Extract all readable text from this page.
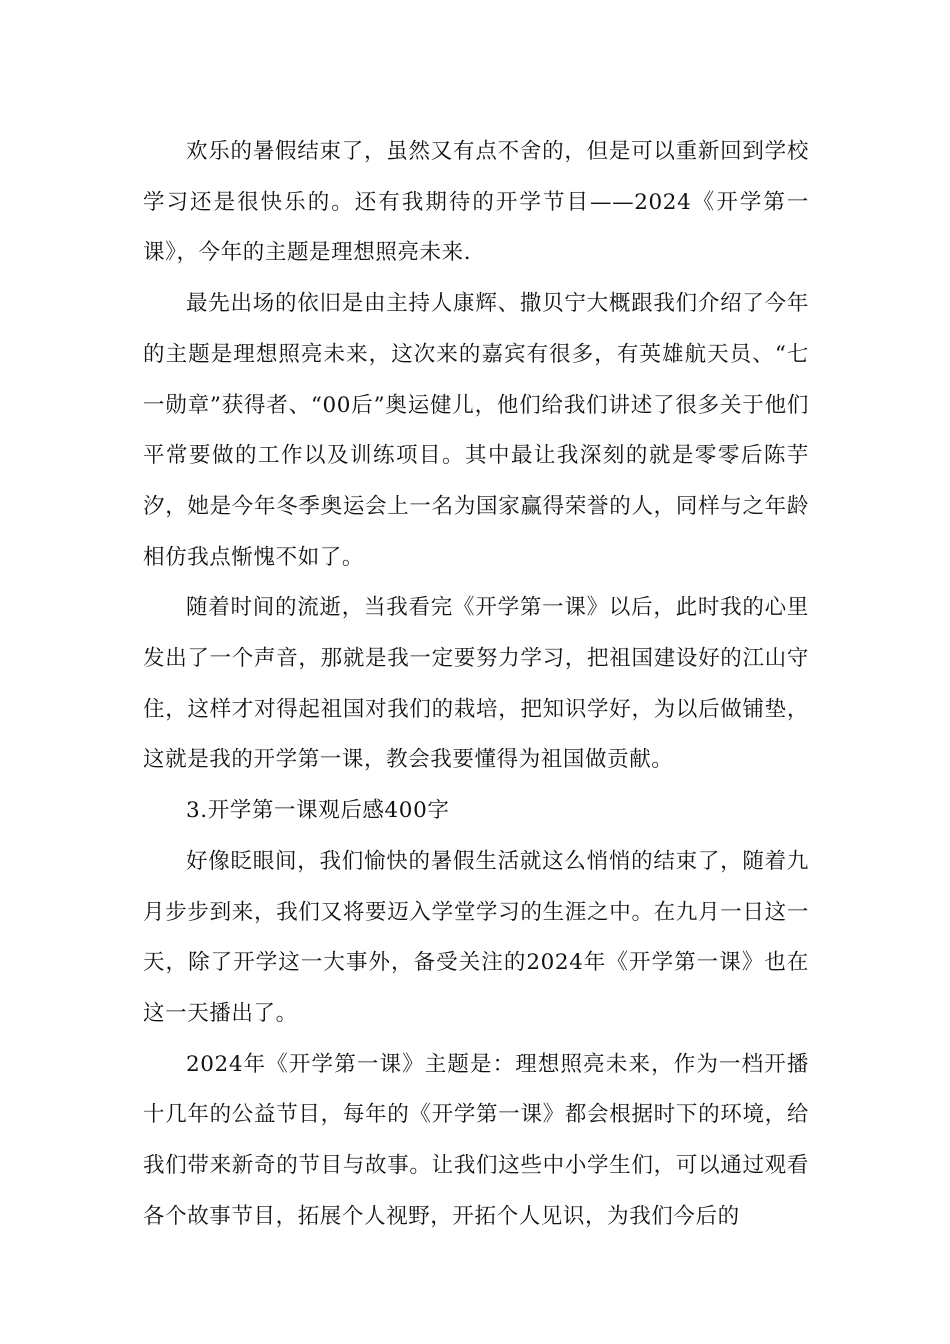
欢乐的暑假结束了，虽然又有点不舍的，但是可以重新回到学校学习还是很快乐的。还有我期待的开学节目——2024《开学第一课》，今年的主题是理想照亮未来.

最先出场的依旧是由主持人康辉、撒贝宁大概跟我们介绍了今年的主题是理想照亮未来，这次来的嘉宾有很多，有英雄航天员、“七一勋章”获得者、“00后”奥运健儿，他们给我们讲述了很多关于他们平常要做的工作以及训练项目。其中最让我深刻的就是零零后陈芋汐，她是今年冬季奥运会上一名为国家赢得荣誉的人，同样与之年龄相仿我点惭愧不如了。

随着时间的流逝，当我看完《开学第一课》以后，此时我的心里发出了一个声音，那就是我一定要努力学习，把祖国建设好的江山守住，这样才对得起祖国对我们的栽培，把知识学好，为以后做铺垫，这就是我的开学第一课，教会我要懂得为祖国做贡献。

3.开学第一课观后感400字

好像眨眼间，我们愉快的暑假生活就这么悄悄的结束了，随着九月步步到来，我们又将要迈入学堂学习的生涯之中。在九月一日这一天，除了开学这一大事外，备受关注的2024年《开学第一课》也在这一天播出了。

2024年《开学第一课》主题是：理想照亮未来，作为一档开播十几年的公益节目，每年的《开学第一课》都会根据时下的环境，给我们带来新奇的节目与故事。让我们这些中小学生们，可以通过观看各个故事节目，拓展个人视野，开拓个人见识，为我们今后的
